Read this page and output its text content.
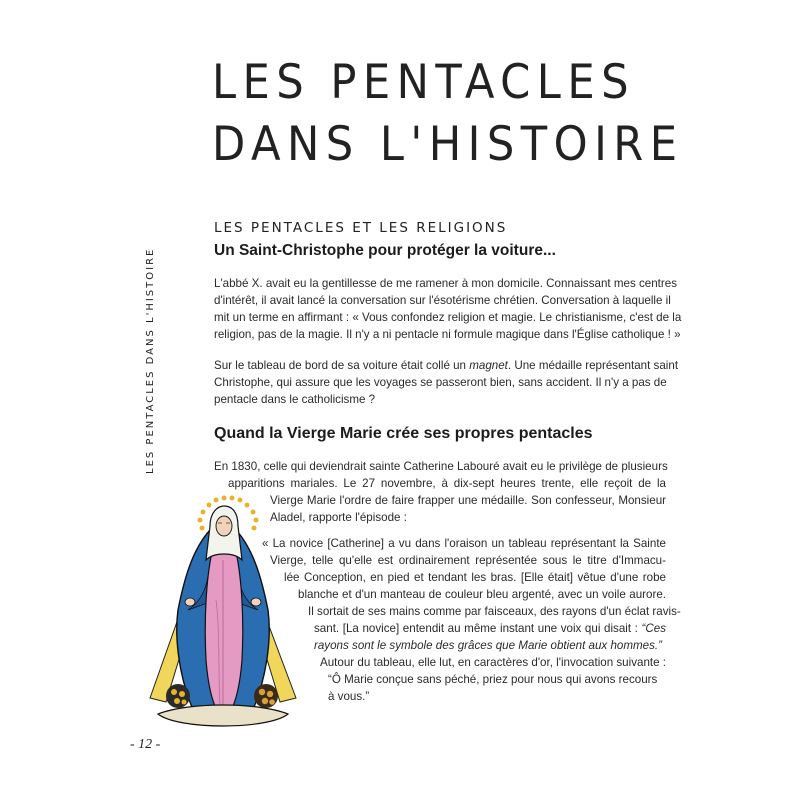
LES PENTACLES
DANS L'HISTOIRE
LES PENTACLES DANS L'HISTOIRE
LES PENTACLES ET LES RELIGIONS
Un Saint-Christophe pour protéger la voiture...

L'abbé X. avait eu la gentillesse de me ramener à mon domicile. Connaissant mes centres
d'intérêt, il avait lancé la conversation sur l'ésotérisme chrétien. Conversation à laquelle il
mit un terme en affirmant : « Vous confondez religion et magie. Le christianisme, c'est de la
religion, pas de la magie. Il n'y a ni pentacle ni formule magique dans l'Église catholique ! »

Sur le tableau de bord de sa voiture était collé un magnet. Une médaille représentant saint
Christophe, qui assure que les voyages se passeront bien, sans accident. Il n'y a pas de
pentacle dans le catholicisme ?

Quand la Vierge Marie crée ses propres pentacles

En 1830, celle qui deviendrait sainte Catherine Labouré avait eu le privilège de plusieurs
apparitions mariales. Le 27 novembre, à dix-sept heures trente, elle reçoit de la
Vierge Marie l'ordre de faire frapper une médaille. Son confesseur, Monsieur
Aladel, rapporte l'épisode :

« La novice [Catherine] a vu dans l'oraison un tableau représentant la Sainte
Vierge, telle qu'elle est ordinairement représentée sous le titre d'Immacu-
lée Conception, en pied et tendant les bras. [Elle était] vêtue d'une robe
blanche et d'un manteau de couleur bleu argenté, avec un voile aurore.
Il sortait de ses mains comme par faisceaux, des rayons d'un éclat ravis-
sant. [La novice] entendit au même instant une voix qui disait : “Ces
rayons sont le symbole des grâces que Marie obtient aux hommes.”
Autour du tableau, elle lut, en caractères d'or, l'invocation suivante :
“Ô Marie conçue sans péché, priez pour nous qui avons recours
à vous.”

- 12 -
